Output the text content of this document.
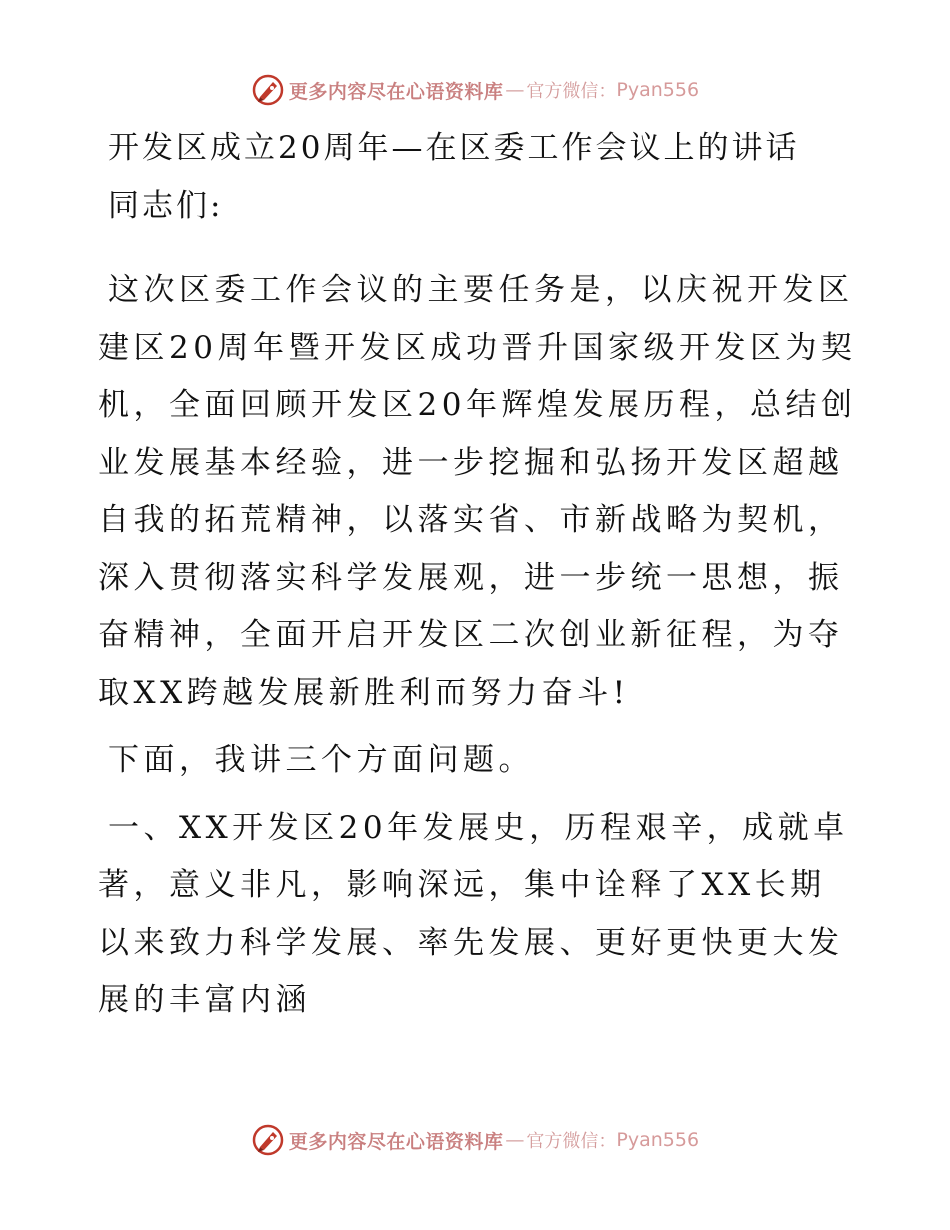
更多内容尽在心语资料库 — 官方微信： Pyan556
开发区成立20周年—在区委工作会议上的讲话
同志们:

这次区委工作会议的主要任务是，以庆祝开发区建区20周年暨开发区成功晋升国家级开发区为契机，全面回顾开发区20年辉煌发展历程，总结创业发展基本经验，进一步挖掘和弘扬开发区超越自我的拓荒精神，以落实省、市新战略为契机，深入贯彻落实科学发展观，进一步统一思想，振奋精神，全面开启开发区二次创业新征程，为夺取XX跨越发展新胜利而努力奋斗!

下面，我讲三个方面问题。

一、XX开发区20年发展史，历程艰辛，成就卓著，意义非凡，影响深远，集中诠释了XX长期以来致力科学发展、率先发展、更好更快更大发展的丰富内涵

更多内容尽在心语资料库 — 官方微信： Pyan556
